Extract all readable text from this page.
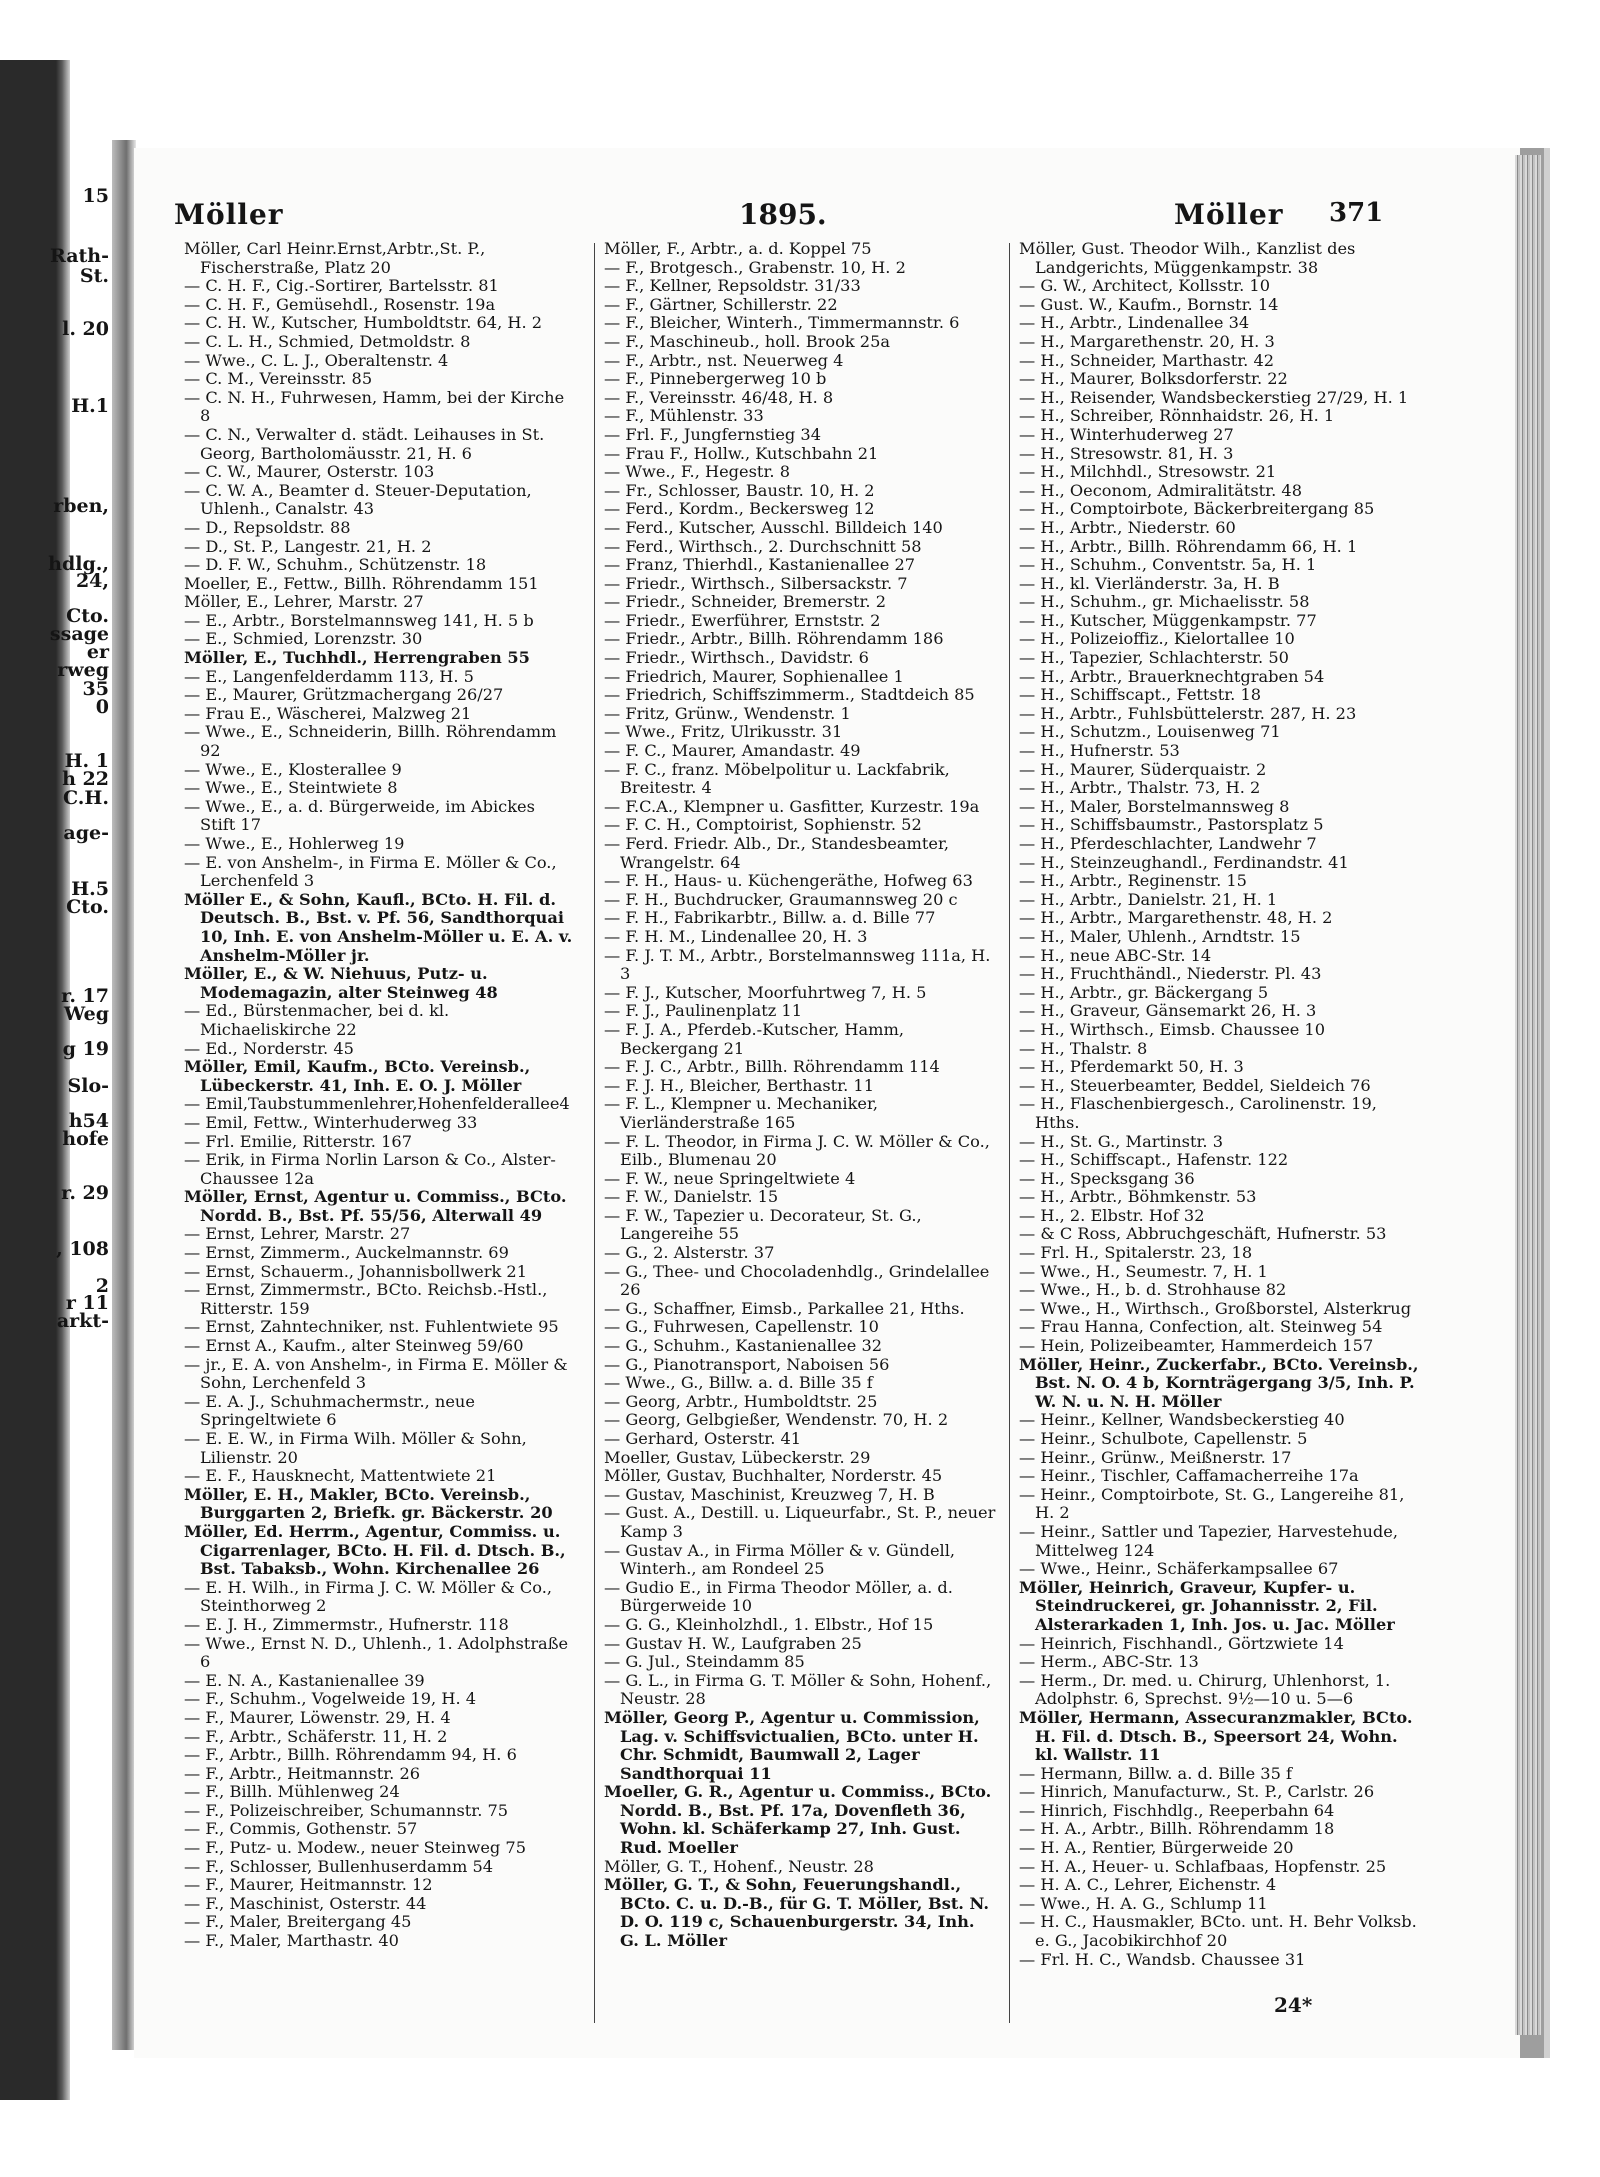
15
Rath-
St.
l. 20
H.1
rben,
hdlg.,
24,
Cto.
ssage
er
rweg
35
0
H. 1
h 22
C.H.
age-
H.5
Cto.
r. 17
Weg
g 19
Slo-
h54
hofe
r. 29
, 108
2
r 11
arkt-
Möller	1895.	Möller 371

Möller, Carl Heinr.Ernst,Arbtr.,St. P., Fischerstraße, Platz 20

— C. H. F., Cig.-Sortirer, Bartelsstr. 81

— C. H. F., Gemüsehdl., Rosenstr. 19a

— C. H. W., Kutscher, Humboldtstr. 64, H. 2

— C. L. H., Schmied, Detmoldstr. 8

— Wwe., C. L. J., Oberaltenstr. 4

— C. M., Vereinsstr. 85

— C. N. H., Fuhrwesen, Hamm, bei der Kirche 8

— C. N., Verwalter d. städt. Leihauses in St. Georg, Bartholomäusstr. 21, H. 6

— C. W., Maurer, Osterstr. 103

— C. W. A., Beamter d. Steuer-Deputation, Uhlenh., Canalstr. 43

— D., Repsoldstr. 88

— D., St. P., Langestr. 21, H. 2

— D. F. W., Schuhm., Schützenstr. 18

Moeller, E., Fettw., Billh. Röhrendamm 151

Möller, E., Lehrer, Marstr. 27

— E., Arbtr., Borstelmannsweg 141, H. 5 b

— E., Schmied, Lorenzstr. 30

Möller, E., Tuchhdl., Herrengraben 55

— E., Langenfelderdamm 113, H. 5

— E., Maurer, Grützmachergang 26/27

— Frau E., Wäscherei, Malzweg 21

— Wwe., E., Schneiderin, Billh. Röhrendamm 92

— Wwe., E., Klosterallee 9

— Wwe., E., Steintwiete 8

— Wwe., E., a. d. Bürgerweide, im Abickes Stift 17

— Wwe., E., Hohlerweg 19

— E. von Anshelm-, in Firma E. Möller & Co., Lerchenfeld 3

Möller E., & Sohn, Kaufl., BCto. H. Fil. d. Deutsch. B., Bst. v. Pf. 56, Sandthorquai 10, Inh. E. von Anshelm-Möller u. E. A. v. Anshelm-Möller jr.

Möller, E., & W. Niehuus, Putz- u. Modemagazin, alter Steinweg 48

— Ed., Bürstenmacher, bei d. kl. Michaeliskirche 22

— Ed., Norderstr. 45

Möller, Emil, Kaufm., BCto. Vereinsb., Lübeckerstr. 41, Inh. E. O. J. Möller

— Emil,Taubstummenlehrer,Hohenfelderallee4

— Emil, Fettw., Winterhuderweg 33

— Frl. Emilie, Ritterstr. 167

— Erik, in Firma Norlin Larson & Co., Alster-Chaussee 12a

Möller, Ernst, Agentur u. Commiss., BCto. Nordd. B., Bst. Pf. 55/56, Alterwall 49

— Ernst, Lehrer, Marstr. 27

— Ernst, Zimmerm., Auckelmannstr. 69

— Ernst, Schauerm., Johannisbollwerk 21

— Ernst, Zimmermstr., BCto. Reichsb.-Hstl., Ritterstr. 159

— Ernst, Zahntechniker, nst. Fuhlentwiete 95

— Ernst A., Kaufm., alter Steinweg 59/60

— jr., E. A. von Anshelm-, in Firma E. Möller & Sohn, Lerchenfeld 3

— E. A. J., Schuhmachermstr., neue Springeltwiete 6

— E. E. W., in Firma Wilh. Möller & Sohn, Lilienstr. 20

— E. F., Hausknecht, Mattentwiete 21

Möller, E. H., Makler, BCto. Vereinsb., Burggarten 2, Briefk. gr. Bäckerstr. 20

Möller, Ed. Herrm., Agentur, Commiss. u. Cigarrenlager, BCto. H. Fil. d. Dtsch. B., Bst. Tabaksb., Wohn. Kirchenallee 26

— E. H. Wilh., in Firma J. C. W. Möller & Co., Steinthorweg 2

— E. J. H., Zimmermstr., Hufnerstr. 118

— Wwe., Ernst N. D., Uhlenh., 1. Adolphstraße 6

— E. N. A., Kastanienallee 39

— F., Schuhm., Vogelweide 19, H. 4

— F., Maurer, Löwenstr. 29, H. 4

— F., Arbtr., Schäferstr. 11, H. 2

— F., Arbtr., Billh. Röhrendamm 94, H. 6

— F., Arbtr., Heitmannstr. 26

— F., Billh. Mühlenweg 24

— F., Polizeischreiber, Schumannstr. 75

— F., Commis, Gothenstr. 57

— F., Putz- u. Modew., neuer Steinweg 75

— F., Schlosser, Bullenhuserdamm 54

— F., Maurer, Heitmannstr. 12

— F., Maschinist, Osterstr. 44

— F., Maler, Breitergang 45

— F., Maler, Marthastr. 40

Möller, F., Arbtr., a. d. Koppel 75

— F., Brotgesch., Grabenstr. 10, H. 2

— F., Kellner, Repsoldstr. 31/33

— F., Gärtner, Schillerstr. 22

— F., Bleicher, Winterh., Timmermannstr. 6

— F., Maschineub., holl. Brook 25a

— F., Arbtr., nst. Neuerweg 4

— F., Pinnebergerweg 10 b

— F., Vereinsstr. 46/48, H. 8

— F., Mühlenstr. 33

— Frl. F., Jungfernstieg 34

— Frau F., Hollw., Kutschbahn 21

— Wwe., F., Hegestr. 8

— Fr., Schlosser, Baustr. 10, H. 2

— Ferd., Kordm., Beckersweg 12

— Ferd., Kutscher, Ausschl. Billdeich 140

— Ferd., Wirthsch., 2. Durchschnitt 58

— Franz, Thierhdl., Kastanienallee 27

— Friedr., Wirthsch., Silbersackstr. 7

— Friedr., Schneider, Bremerstr. 2

— Friedr., Ewerführer, Ernststr. 2

— Friedr., Arbtr., Billh. Röhrendamm 186

— Friedr., Wirthsch., Davidstr. 6

— Friedrich, Maurer, Sophienallee 1

— Friedrich, Schiffszimmerm., Stadtdeich 85

— Fritz, Grünw., Wendenstr. 1

— Wwe., Fritz, Ulrikusstr. 31

— F. C., Maurer, Amandastr. 49

— F. C., franz. Möbelpolitur u. Lackfabrik, Breitestr. 4

— F.C.A., Klempner u. Gasfitter, Kurzestr. 19a

— F. C. H., Comptoirist, Sophienstr. 52

— Ferd. Friedr. Alb., Dr., Standesbeamter, Wrangelstr. 64

— F. H., Haus- u. Küchengeräthe, Hofweg 63

— F. H., Buchdrucker, Graumannsweg 20 c

— F. H., Fabrikarbtr., Billw. a. d. Bille 77

— F. H. M., Lindenallee 20, H. 3

— F. J. T. M., Arbtr., Borstelmannsweg 111a, H. 3

— F. J., Kutscher, Moorfuhrtweg 7, H. 5

— F. J., Paulinenplatz 11

— F. J. A., Pferdeb.-Kutscher, Hamm, Beckergang 21

— F. J. C., Arbtr., Billh. Röhrendamm 114

— F. J. H., Bleicher, Berthastr. 11

— F. L., Klempner u. Mechaniker, Vierländerstraße 165

— F. L. Theodor, in Firma J. C. W. Möller & Co., Eilb., Blumenau 20

— F. W., neue Springeltwiete 4

— F. W., Danielstr. 15

— F. W., Tapezier u. Decorateur, St. G., Langereihe 55

— G., 2. Alsterstr. 37

— G., Thee- und Chocoladenhdlg., Grindelallee 26

— G., Schaffner, Eimsb., Parkallee 21, Hths.

— G., Fuhrwesen, Capellenstr. 10

— G., Schuhm., Kastanienallee 32

— G., Pianotransport, Naboisen 56

— Wwe., G., Billw. a. d. Bille 35 f

— Georg, Arbtr., Humboldtstr. 25

— Georg, Gelbgießer, Wendenstr. 70, H. 2

— Gerhard, Osterstr. 41

Moeller, Gustav, Lübeckerstr. 29

Möller, Gustav, Buchhalter, Norderstr. 45

— Gustav, Maschinist, Kreuzweg 7, H. B

— Gust. A., Destill. u. Liqueurfabr., St. P., neuer Kamp 3

— Gustav A., in Firma Möller & v. Gündell, Winterh., am Rondeel 25

— Gudio E., in Firma Theodor Möller, a. d. Bürgerweide 10

— G. G., Kleinholzhdl., 1. Elbstr., Hof 15

— Gustav H. W., Laufgraben 25

— G. Jul., Steindamm 85

— G. L., in Firma G. T. Möller & Sohn, Hohenf., Neustr. 28

Möller, Georg P., Agentur u. Commission, Lag. v. Schiffsvictualien, BCto. unter H. Chr. Schmidt, Baumwall 2, Lager Sandthorquai 11

Moeller, G. R., Agentur u. Commiss., BCto. Nordd. B., Bst. Pf. 17a, Dovenfleth 36, Wohn. kl. Schäferkamp 27, Inh. Gust. Rud. Moeller

Möller, G. T., Hohenf., Neustr. 28

Möller, G. T., & Sohn, Feuerungshandl., BCto. C. u. D.-B., für G. T. Möller, Bst. N. D. O. 119 c, Schauenburgerstr. 34, Inh. G. L. Möller

Möller, Gust. Theodor Wilh., Kanzlist des Landgerichts, Müggenkampstr. 38

— G. W., Architect, Kollsstr. 10

— Gust. W., Kaufm., Bornstr. 14

— H., Arbtr., Lindenallee 34

— H., Margarethenstr. 20, H. 3

— H., Schneider, Marthastr. 42

— H., Maurer, Bolksdorferstr. 22

— H., Reisender, Wandsbeckerstieg 27/29, H. 1

— H., Schreiber, Rönnhaidstr. 26, H. 1

— H., Winterhuderweg 27

— H., Stresowstr. 81, H. 3

— H., Milchhdl., Stresowstr. 21

— H., Oeconom, Admiralitätstr. 48

— H., Comptoirbote, Bäckerbreitergang 85

— H., Arbtr., Niederstr. 60

— H., Arbtr., Billh. Röhrendamm 66, H. 1

— H., Schuhm., Conventstr. 5a, H. 1

— H., kl. Vierländerstr. 3a, H. B

— H., Schuhm., gr. Michaelisstr. 58

— H., Kutscher, Müggenkampstr. 77

— H., Polizeioffiz., Kielortallee 10

— H., Tapezier, Schlachterstr. 50

— H., Arbtr., Brauerknechtgraben 54

— H., Schiffscapt., Fettstr. 18

— H., Arbtr., Fuhlsbüttelerstr. 287, H. 23

— H., Schutzm., Louisenweg 71

— H., Hufnerstr. 53

— H., Maurer, Süderquaistr. 2

— H., Arbtr., Thalstr. 73, H. 2

— H., Maler, Borstelmannsweg 8

— H., Schiffsbaumstr., Pastorsplatz 5

— H., Pferdeschlachter, Landwehr 7

— H., Steinzeughandl., Ferdinandstr. 41

— H., Arbtr., Reginenstr. 15

— H., Arbtr., Danielstr. 21, H. 1

— H., Arbtr., Margarethenstr. 48, H. 2

— H., Maler, Uhlenh., Arndtstr. 15

— H., neue ABC-Str. 14

— H., Fruchthändl., Niederstr. Pl. 43

— H., Arbtr., gr. Bäckergang 5

— H., Graveur, Gänsemarkt 26, H. 3

— H., Wirthsch., Eimsb. Chaussee 10

— H., Thalstr. 8

— H., Pferdemarkt 50, H. 3

— H., Steuerbeamter, Beddel, Sieldeich 76

— H., Flaschenbiergesch., Carolinenstr. 19, Hths.

— H., St. G., Martinstr. 3

— H., Schiffscapt., Hafenstr. 122

— H., Specksgang 36

— H., Arbtr., Böhmkenstr. 53

— H., 2. Elbstr. Hof 32

— & C Ross, Abbruchgeschäft, Hufnerstr. 53

— Frl. H., Spitalerstr. 23, 18

— Wwe., H., Seumestr. 7, H. 1

— Wwe., H., b. d. Strohhause 82

— Wwe., H., Wirthsch., Großborstel, Alsterkrug

— Frau Hanna, Confection, alt. Steinweg 54

— Hein, Polizeibeamter, Hammerdeich 157

Möller, Heinr., Zuckerfabr., BCto. Vereinsb., Bst. N. O. 4 b, Kornträgergang 3/5, Inh. P. W. N. u. N. H. Möller

— Heinr., Kellner, Wandsbeckerstieg 40

— Heinr., Schulbote, Capellenstr. 5

— Heinr., Grünw., Meißnerstr. 17

— Heinr., Tischler, Caffamacherreihe 17a

— Heinr., Comptoirbote, St. G., Langereihe 81, H. 2

— Heinr., Sattler und Tapezier, Harvestehude, Mittelweg 124

— Wwe., Heinr., Schäferkampsallee 67

Möller, Heinrich, Graveur, Kupfer- u. Steindruckerei, gr. Johannisstr. 2, Fil. Alsterarkaden 1, Inh. Jos. u. Jac. Möller

— Heinrich, Fischhandl., Görtzwiete 14

— Herm., ABC-Str. 13

— Herm., Dr. med. u. Chirurg, Uhlenhorst, 1. Adolphstr. 6, Sprechst. 9½—10 u. 5—6

Möller, Hermann, Assecuranzmakler, BCto. H. Fil. d. Dtsch. B., Speersort 24, Wohn. kl. Wallstr. 11

— Hermann, Billw. a. d. Bille 35 f

— Hinrich, Manufacturw., St. P., Carlstr. 26

— Hinrich, Fischhdlg., Reeperbahn 64

— H. A., Arbtr., Billh. Röhrendamm 18

— H. A., Rentier, Bürgerweide 20

— H. A., Heuer- u. Schlafbaas, Hopfenstr. 25

— H. A. C., Lehrer, Eichenstr. 4

— Wwe., H. A. G., Schlump 11

— H. C., Hausmakler, BCto. unt. H. Behr Volksb. e. G., Jacobikirchhof 20

— Frl. H. C., Wandsb. Chaussee 31

24*
